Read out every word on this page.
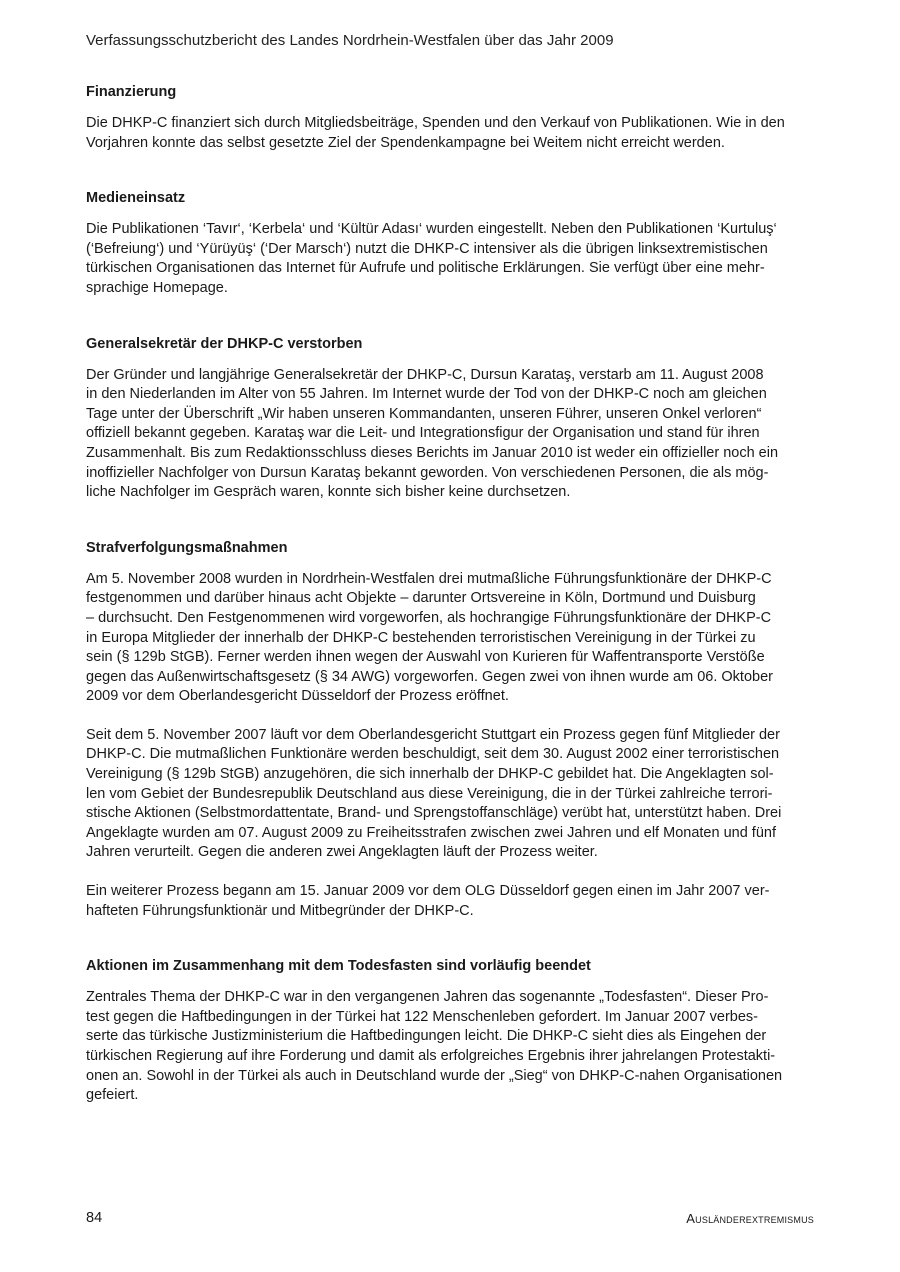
Verfassungsschutzbericht des Landes Nordrhein-Westfalen über das Jahr 2009
Finanzierung
Die DHKP-C finanziert sich durch Mitgliedsbeiträge, Spenden und den Verkauf von Publikationen. Wie in den
Vorjahren konnte das selbst gesetzte Ziel der Spendenkampagne bei Weitem nicht erreicht werden.
Medieneinsatz
Die Publikationen ‘Tavır‘, ‘Kerbela‘ und ‘Kültür Adası‘ wurden eingestellt. Neben den Publikationen ‘Kurtuluş‘
(‘Befreiung‘) und ‘Yürüyüş‘ (‘Der Marsch‘) nutzt die DHKP-C intensiver als die übrigen linksextremistischen
türkischen Organisationen das Internet für Aufrufe und politische Erklärungen. Sie verfügt über eine mehr-
sprachige Homepage.
Generalsekretär der DHKP-C verstorben
Der Gründer und langjährige Generalsekretär der DHKP-C, Dursun Karataş, verstarb am 11. August 2008
in den Niederlanden im Alter von 55 Jahren. Im Internet wurde der Tod von der DHKP-C noch am gleichen
Tage unter der Überschrift „Wir haben unseren Kommandanten, unseren Führer, unseren Onkel verloren“
offiziell bekannt gegeben. Karataş war die Leit- und Integrationsfigur der Organisation und stand für ihren
Zusammenhalt. Bis zum Redaktionsschluss dieses Berichts im Januar 2010 ist weder ein offizieller noch ein
inoffizieller Nachfolger von Dursun Karataş bekannt geworden. Von verschiedenen Personen, die als mög-
liche Nachfolger im Gespräch waren, konnte sich bisher keine durchsetzen.
Strafverfolgungsmaßnahmen
Am 5. November 2008 wurden in Nordrhein-Westfalen drei mutmaßliche Führungsfunktionäre der DHKP-C
festgenommen und darüber hinaus acht Objekte – darunter Ortsvereine in Köln, Dortmund und Duisburg
– durchsucht. Den Festgenommenen wird vorgeworfen, als hochrangige Führungsfunktionäre der DHKP-C
in Europa Mitglieder der innerhalb der DHKP-C bestehenden terroristischen Vereinigung in der Türkei zu
sein (§ 129b StGB). Ferner werden ihnen wegen der Auswahl von Kurieren für Waffentransporte Verstöße
gegen das Außenwirtschaftsgesetz (§ 34 AWG) vorgeworfen. Gegen zwei von ihnen wurde am 06. Oktober
2009 vor dem Oberlandesgericht Düsseldorf der Prozess eröffnet.
Seit dem 5. November 2007 läuft vor dem Oberlandesgericht Stuttgart ein Prozess gegen fünf Mitglieder der
DHKP-C. Die mutmaßlichen Funktionäre werden beschuldigt, seit dem 30. August 2002 einer terroristischen
Vereinigung (§ 129b StGB) anzugehören, die sich innerhalb der DHKP-C gebildet hat. Die Angeklagten sol-
len vom Gebiet der Bundesrepublik Deutschland aus diese Vereinigung, die in der Türkei zahlreiche terrori-
stische Aktionen (Selbstmordattentate, Brand- und Sprengstoffanschläge) verübt hat, unterstützt haben. Drei
Angeklagte wurden am 07. August 2009 zu Freiheitsstrafen zwischen zwei Jahren und elf Monaten und fünf
Jahren verurteilt. Gegen die anderen zwei Angeklagten läuft der Prozess weiter.
Ein weiterer Prozess begann am 15. Januar 2009 vor dem OLG Düsseldorf gegen einen im Jahr 2007 ver-
hafteten Führungsfunktionär und Mitbegründer der DHKP-C.
Aktionen im Zusammenhang mit dem Todesfasten sind vorläufig beendet
Zentrales Thema der DHKP-C war in den vergangenen Jahren das sogenannte „Todesfasten“. Dieser Pro-
test gegen die Haftbedingungen in der Türkei hat 122 Menschenleben gefordert. Im Januar 2007 verbes-
serte das türkische Justizministerium die Haftbedingungen leicht. Die DHKP-C sieht dies als Eingehen der
türkischen Regierung auf ihre Forderung und damit als erfolgreiches Ergebnis ihrer jahrelangen Protestakti-
onen an. Sowohl in der Türkei als auch in Deutschland wurde der „Sieg“ von DHKP-C-nahen Organisationen
gefeiert.
84	Ausländerextremismus
